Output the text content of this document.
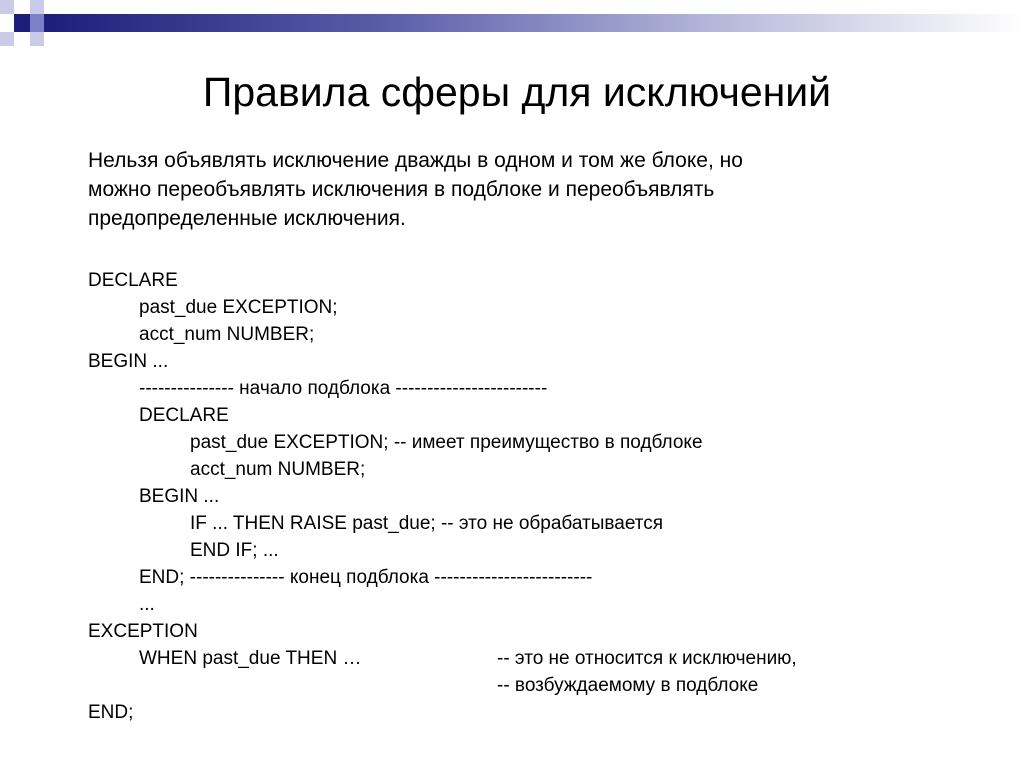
Правила сферы для исключений
Нельзя объявлять исключение дважды в одном и том же блоке, но
можно переобъявлять исключения в подблоке и переобъявлять
предопределенные исключения.
DECLARE
past_due EXCEPTION;
acct_num NUMBER;
BEGIN ...
--------------- начало подблока ------------------------
DECLARE
past_due EXCEPTION; -- имеет преимущество в подблоке
acct_num NUMBER;
BEGIN ...
IF ... THEN RAISE past_due; -- это не обрабатывается
END IF; ...
END; --------------- конец подблока -------------------------
...
EXCEPTION
WHEN past_due THEN …	-- это не относится к исключению,
-- возбуждаемому в подблоке
END;
